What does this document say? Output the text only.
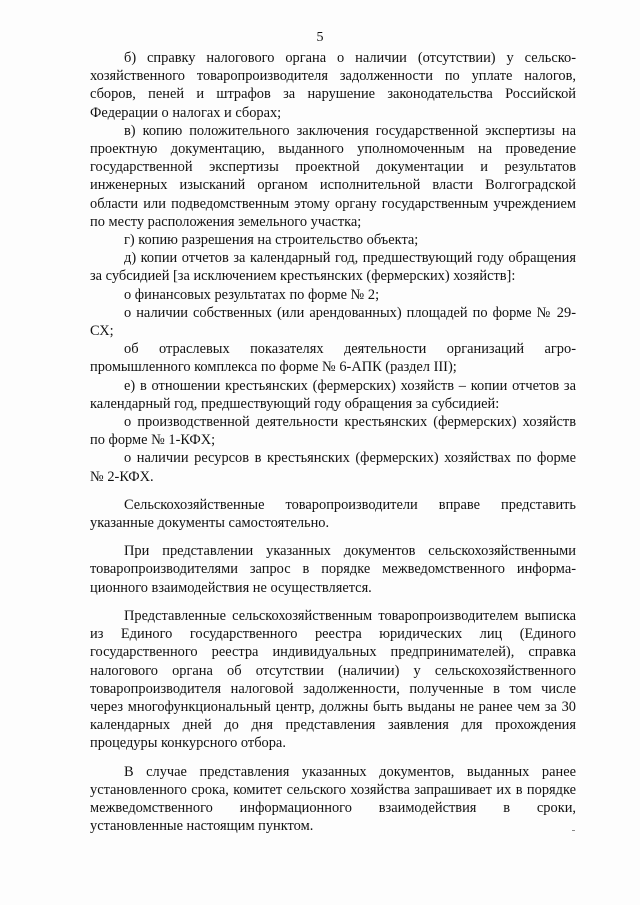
5

б) справку налогового органа о наличии (отсутствии) у сельско-хозяйственного товаропроизводителя задолженности по уплате налогов, сборов, пеней и штрафов за нарушение законодательства Российской Федерации о налогах и сборах;

в) копию положительного заключения государственной экспертизы на проектную документацию, выданного уполномоченным на проведение государственной экспертизы проектной документации и результатов инженерных изысканий органом исполнительной власти Волгоградской области или подведомственным этому органу государственным учреждением по месту расположения земельного участка;

г) копию разрешения на строительство объекта;

д) копии отчетов за календарный год, предшествующий году обращения за субсидией [за исключением крестьянских (фермерских) хозяйств]:

о финансовых результатах по форме № 2;

о наличии собственных (или арендованных) площадей по форме № 29-СХ;

об отраслевых показателях деятельности организаций агро-промышленного комплекса по форме № 6-АПК (раздел III);

е) в отношении крестьянских (фермерских) хозяйств – копии отчетов за календарный год, предшествующий году обращения за субсидией:

о производственной деятельности крестьянских (фермерских) хозяйств по форме № 1-КФХ;

о наличии ресурсов в крестьянских (фермерских) хозяйствах по форме № 2-КФХ.

Сельскохозяйственные товаропроизводители вправе представить указанные документы самостоятельно.

При представлении указанных документов сельскохозяйственными товаропроизводителями запрос в порядке межведомственного информа-ционного взаимодействия не осуществляется.

Представленные сельскохозяйственным товаропроизводителем выписка из Единого государственного реестра юридических лиц (Единого государственного реестра индивидуальных предпринимателей), справка налогового органа об отсутствии (наличии) у сельскохозяйственного товаропроизводителя налоговой задолженности, полученные в том числе через многофункциональный центр, должны быть выданы не ранее чем за 30 календарных дней до дня представления заявления для прохождения процедуры конкурсного отбора.

В случае представления указанных документов, выданных ранее установленного срока, комитет сельского хозяйства запрашивает их в порядке межведомственного информационного взаимодействия в сроки, установленные настоящим пунктом.
